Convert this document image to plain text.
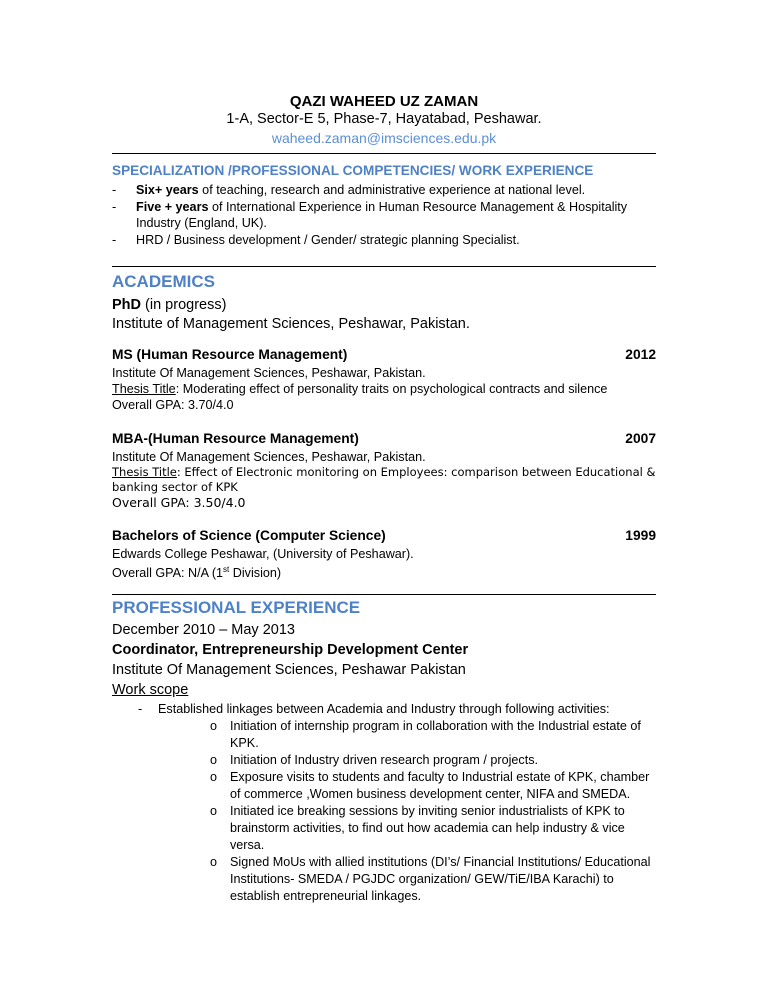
QAZI WAHEED UZ ZAMAN
1-A, Sector-E 5, Phase-7, Hayatabad, Peshawar.
waheed.zaman@imsciences.edu.pk
SPECIALIZATION /PROFESSIONAL COMPETENCIES/ WORK EXPERIENCE
-	Six+ years of teaching, research and administrative experience at national level.
-	Five + years of International Experience in Human Resource Management & Hospitality Industry (England, UK).
-	HRD / Business development / Gender/ strategic planning Specialist.
ACADEMICS
PhD (in progress)
Institute of Management Sciences, Peshawar, Pakistan.
MS (Human Resource Management)	2012
Institute Of Management Sciences, Peshawar, Pakistan.
Thesis Title: Moderating effect of personality traits on psychological contracts and silence
Overall GPA: 3.70/4.0
MBA-(Human Resource Management)	2007
Institute Of Management Sciences, Peshawar, Pakistan.
Thesis Title: Effect of Electronic monitoring on Employees: comparison between Educational & banking sector of KPK
Overall GPA: 3.50/4.0
Bachelors of Science (Computer Science)	1999
Edwards College Peshawar, (University of Peshawar).
Overall GPA: N/A (1st Division)
PROFESSIONAL EXPERIENCE
December 2010 – May 2013
Coordinator, Entrepreneurship Development Center
Institute Of Management Sciences, Peshawar Pakistan
Work scope
-	Established linkages between Academia and Industry through following activities:
o	Initiation of internship program in collaboration with the Industrial estate of KPK.
o	Initiation of Industry driven research program / projects.
o	Exposure visits to students and faculty to Industrial estate of KPK, chamber of commerce ,Women business development center, NIFA and SMEDA.
o	Initiated ice breaking sessions by inviting senior industrialists of KPK to brainstorm activities, to find out how academia can help industry & vice versa.
o	Signed MoUs with allied institutions (DI’s/ Financial Institutions/ Educational Institutions- SMEDA / PGJDC organization/ GEW/TiE/IBA Karachi) to establish entrepreneurial linkages.
